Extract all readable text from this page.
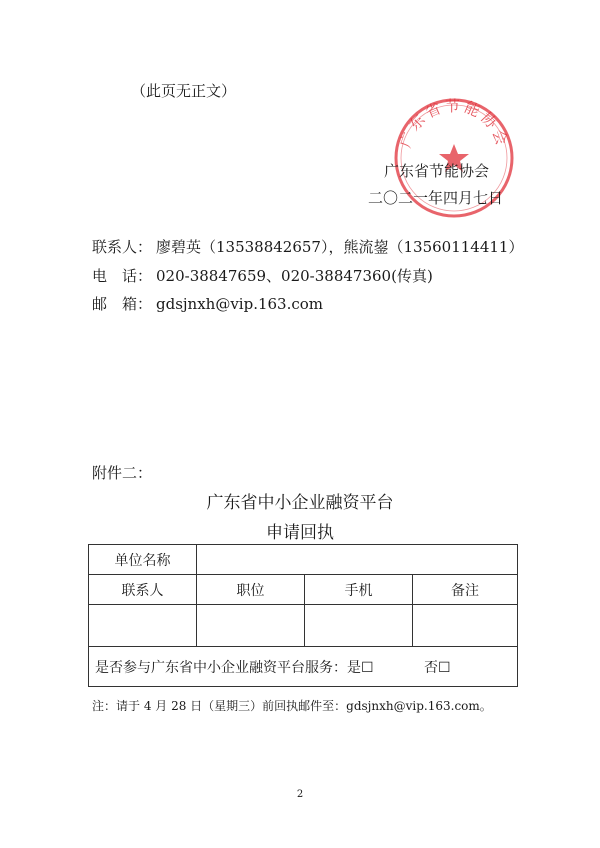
（此页无正文）
广东省节能协会
广东省节能协会
二〇二一年四月七日
联系人： 廖碧英（13538842657），熊流鋆（13560114411）
电　话： 020-38847659、020-38847360(传真)
邮　箱： gdsjnxh@vip.163.com
附件二：
广东省中小企业融资平台
申请回执
单位名称			
联系人	职位	手机	备注

是否参与广东省中小企业融资平台服务：是☐ 否☐			
注：请于 4 月 28 日（星期三）前回执邮件至：gdsjnxh@vip.163.com。
2
